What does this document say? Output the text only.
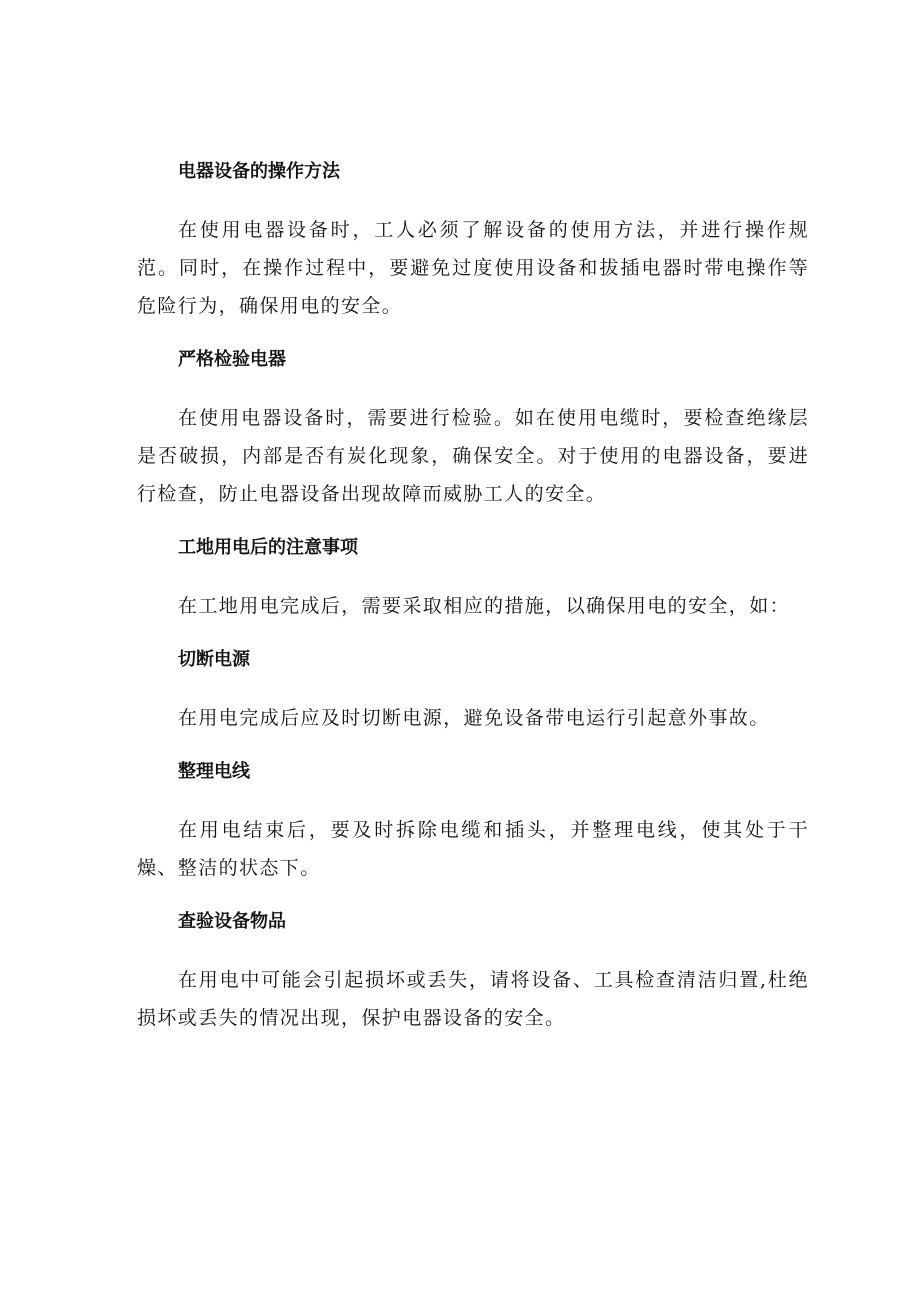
电器设备的操作方法
在使用电器设备时，工人必须了解设备的使用方法，并进行操作规范。同时，在操作过程中，要避免过度使用设备和拔插电器时带电操作等危险行为，确保用电的安全。
严格检验电器
在使用电器设备时，需要进行检验。如在使用电缆时，要检查绝缘层是否破损，内部是否有炭化现象，确保安全。对于使用的电器设备，要进行检查，防止电器设备出现故障而威胁工人的安全。
工地用电后的注意事项
在工地用电完成后，需要采取相应的措施，以确保用电的安全，如：
切断电源
在用电完成后应及时切断电源，避免设备带电运行引起意外事故。
整理电线
在用电结束后，要及时拆除电缆和插头，并整理电线，使其处于干燥、整洁的状态下。
查验设备物品
在用电中可能会引起损坏或丢失，请将设备、工具检查清洁归置,杜绝损坏或丢失的情况出现，保护电器设备的安全。
